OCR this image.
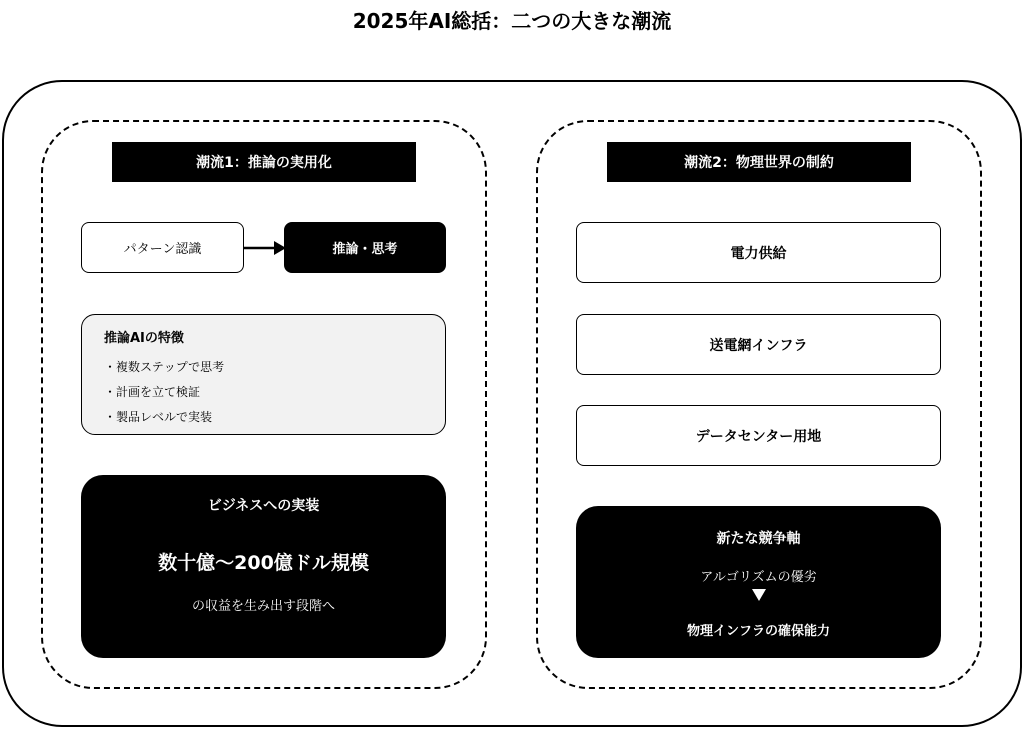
2025年AI総括：二つの大きな潮流
潮流1：推論の実用化
パターン認識	推論・思考
推論AIの特徴
・複数ステップで思考
・計画を立て検証
・製品レベルで実装
ビジネスへの実装
数十億〜200億ドル規模
の収益を生み出す段階へ
潮流2：物理世界の制約
電力供給
送電網インフラ
データセンター用地
新たな競争軸
アルゴリズムの優劣
物理インフラの確保能力
